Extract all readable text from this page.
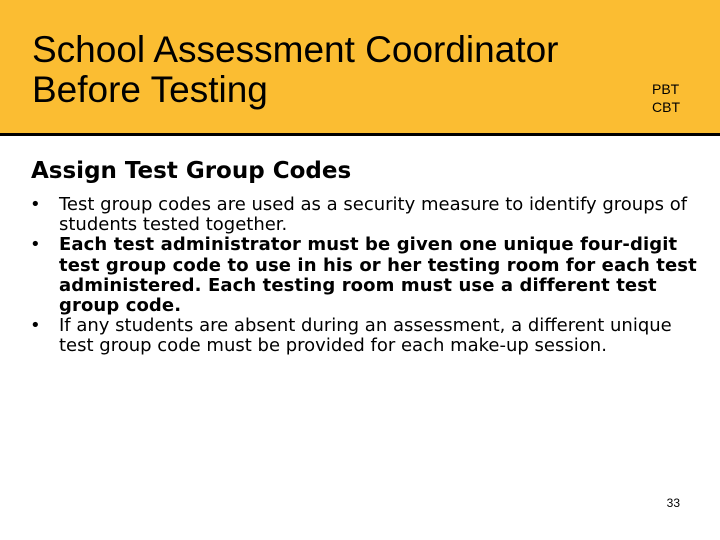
School Assessment Coordinator
Before Testing	PBT
CBT
Assign Test Group Codes
•	Test group codes are used as a security measure to identify groups of students tested together.
•	Each test administrator must be given one unique four-digit test group code to use in his or her testing room for each test administered. Each testing room must use a different test group code.
•	If any students are absent during an assessment, a different unique test group code must be provided for each make-up session.
33
